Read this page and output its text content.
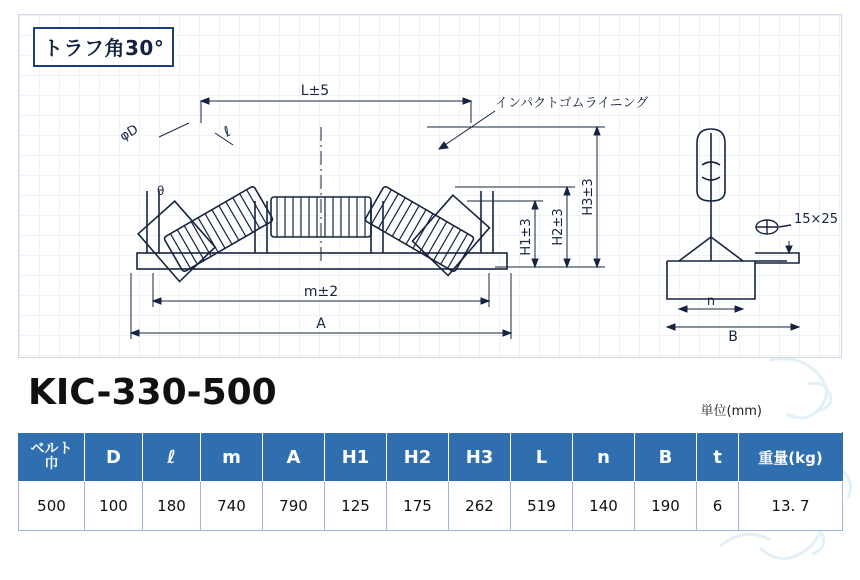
L±5
インパクトゴムライニング
φD	ℓ
θ
H1±3 H2±3
H3±3
m±2
A
n
B
15×25
トラフ角30°
KIC-330-500	単位(mm)
ベルト
巾	D	ℓ	m	A	H1	H2	H3	L	n	B	t	重量(kg)
500	100	180	740	790	125	175	262	519	140	190	6	13. 7
